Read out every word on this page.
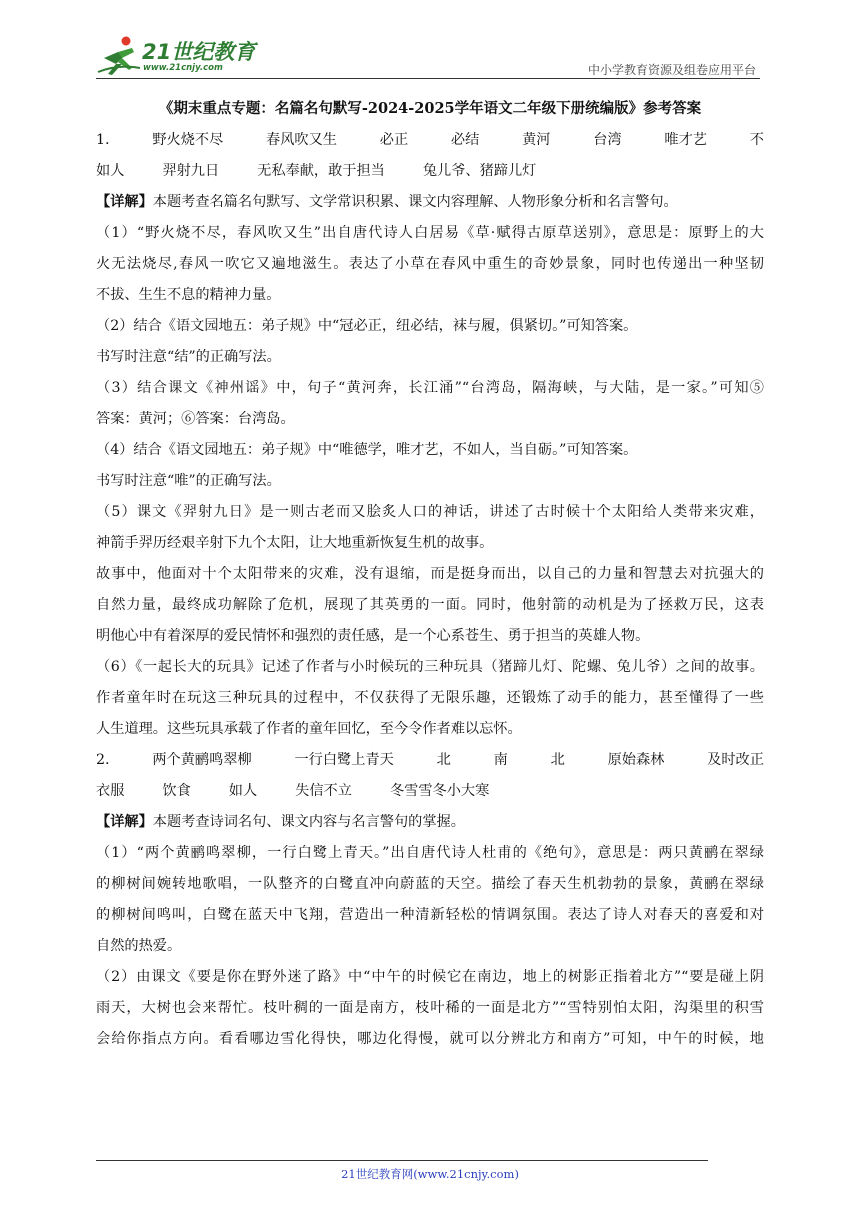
21世纪教育
www.21cnjy.com	中小学教育资源及组卷应用平台
《期末重点专题：名篇名句默写-2024-2025学年语文二年级下册统编版》参考答案
1.	野火烧不尽	春风吹又生	必正	必结	黄河	台湾	唯才艺	不
如人	羿射九日	无私奉献，敢于担当	兔儿爷、猪蹄儿灯
【详解】本题考查名篇名句默写、文学常识积累、课文内容理解、人物形象分析和名言警句。
（1）“野火烧不尽，春风吹又生”出自唐代诗人白居易《草·赋得古原草送别》，意思是：原野上的大
火无法烧尽,春风一吹它又遍地滋生。表达了小草在春风中重生的奇妙景象，同时也传递出一种坚韧
不拔、生生不息的精神力量。
（2）结合《语文园地五：弟子规》中“冠必正，纽必结，袜与履，俱紧切。”可知答案。
书写时注意“结”的正确写法。
（3）结合课文《神州谣》中，句子“黄河奔，长江涌”“台湾岛，隔海峡，与大陆，是一家。”可知⑤
答案：黄河；⑥答案：台湾岛。
（4）结合《语文园地五：弟子规》中“唯德学，唯才艺，不如人，当自砺。”可知答案。
书写时注意“唯”的正确写法。
（5）课文《羿射九日》是一则古老而又脍炙人口的神话，讲述了古时候十个太阳给人类带来灾难，
神箭手羿历经艰辛射下九个太阳，让大地重新恢复生机的故事。
故事中，他面对十个太阳带来的灾难，没有退缩，而是挺身而出，以自己的力量和智慧去对抗强大的
自然力量，最终成功解除了危机，展现了其英勇的一面。同时，他射箭的动机是为了拯救万民，这表
明他心中有着深厚的爱民情怀和强烈的责任感，是一个心系苍生、勇于担当的英雄人物。
（6）《一起长大的玩具》记述了作者与小时候玩的三种玩具（猪蹄儿灯、陀螺、兔儿爷）之间的故事。
作者童年时在玩这三种玩具的过程中，不仅获得了无限乐趣，还锻炼了动手的能力，甚至懂得了一些
人生道理。这些玩具承载了作者的童年回忆，至今令作者难以忘怀。
2.	两个黄鹂鸣翠柳	一行白鹭上青天	北	南	北	原始森林	及时改正
衣服	饮食	如人	失信不立	冬雪雪冬小大寒
【详解】本题考查诗词名句、课文内容与名言警句的掌握。
（1）“两个黄鹂鸣翠柳，一行白鹭上青天。”出自唐代诗人杜甫的《绝句》，意思是：两只黄鹂在翠绿
的柳树间婉转地歌唱，一队整齐的白鹭直冲向蔚蓝的天空。描绘了春天生机勃勃的景象，黄鹂在翠绿
的柳树间鸣叫，白鹭在蓝天中飞翔，营造出一种清新轻松的情调氛围。表达了诗人对春天的喜爱和对
自然的热爱。
（2）由课文《要是你在野外迷了路》中“中午的时候它在南边，地上的树影正指着北方”“要是碰上阴
雨天，大树也会来帮忙。枝叶稠的一面是南方，枝叶稀的一面是北方”“雪特别怕太阳，沟渠里的积雪
会给你指点方向。看看哪边雪化得快，哪边化得慢，就可以分辨北方和南方”可知，中午的时候，地
21世纪教育网(www.21cnjy.com)
